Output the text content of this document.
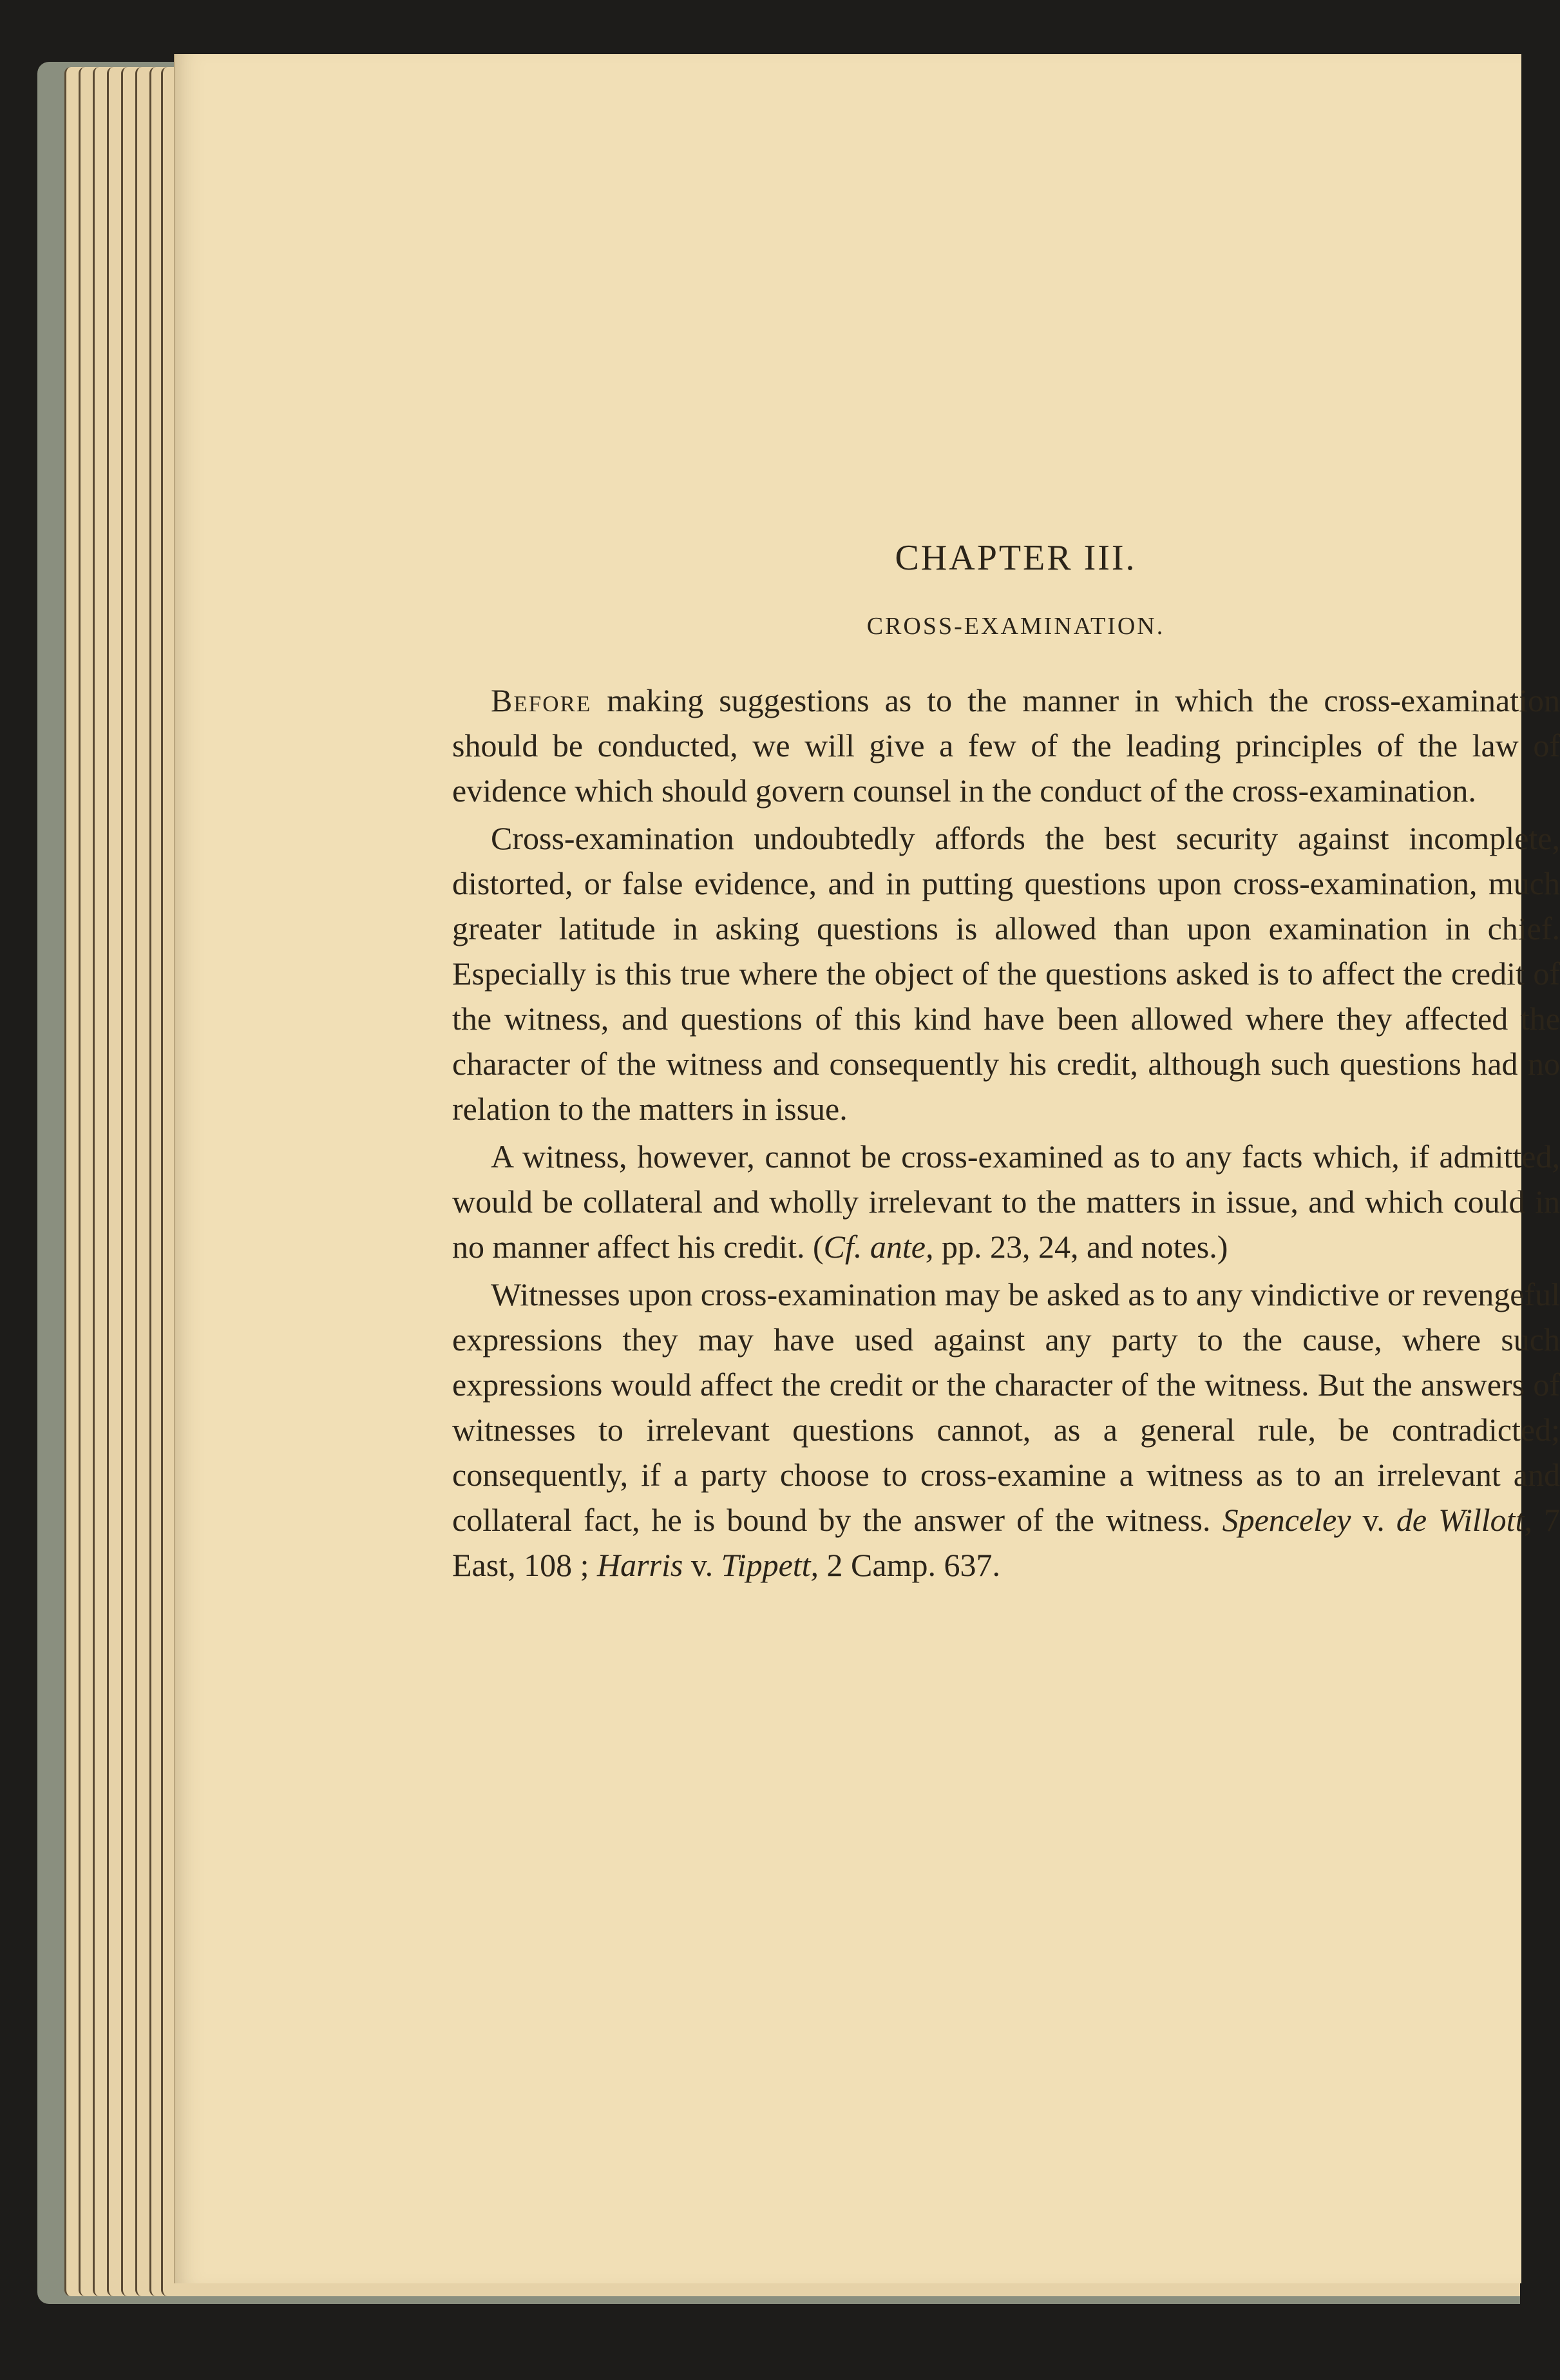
CHAPTER III.
CROSS-EXAMINATION.

Before making suggestions as to the manner in which the cross-examination should be conducted, we will give a few of the leading principles of the law of evidence which should govern counsel in the conduct of the cross-examination.

Cross-examination undoubtedly affords the best security against incomplete, distorted, or false evidence, and in putting questions upon cross-examination, much greater latitude in asking questions is allowed than upon examination in chief. Especially is this true where the object of the questions asked is to affect the credit of the witness, and questions of this kind have been allowed where they affected the character of the witness and consequently his credit, although such questions had no relation to the matters in issue.

A witness, however, cannot be cross-examined as to any facts which, if admitted, would be collateral and wholly irrelevant to the matters in issue, and which could in no manner affect his credit. (Cf. ante, pp. 23, 24, and notes.)

Witnesses upon cross-examination may be asked as to any vindictive or revengeful expressions they may have used against any party to the cause, where such expressions would affect the credit or the character of the witness. But the answers of witnesses to irrelevant questions cannot, as a general rule, be contradicted; consequently, if a party choose to cross-examine a witness as to an irrelevant and collateral fact, he is bound by the answer of the witness. Spenceley v. de Willott, 7 East, 108 ; Harris v. Tippett, 2 Camp. 637.
